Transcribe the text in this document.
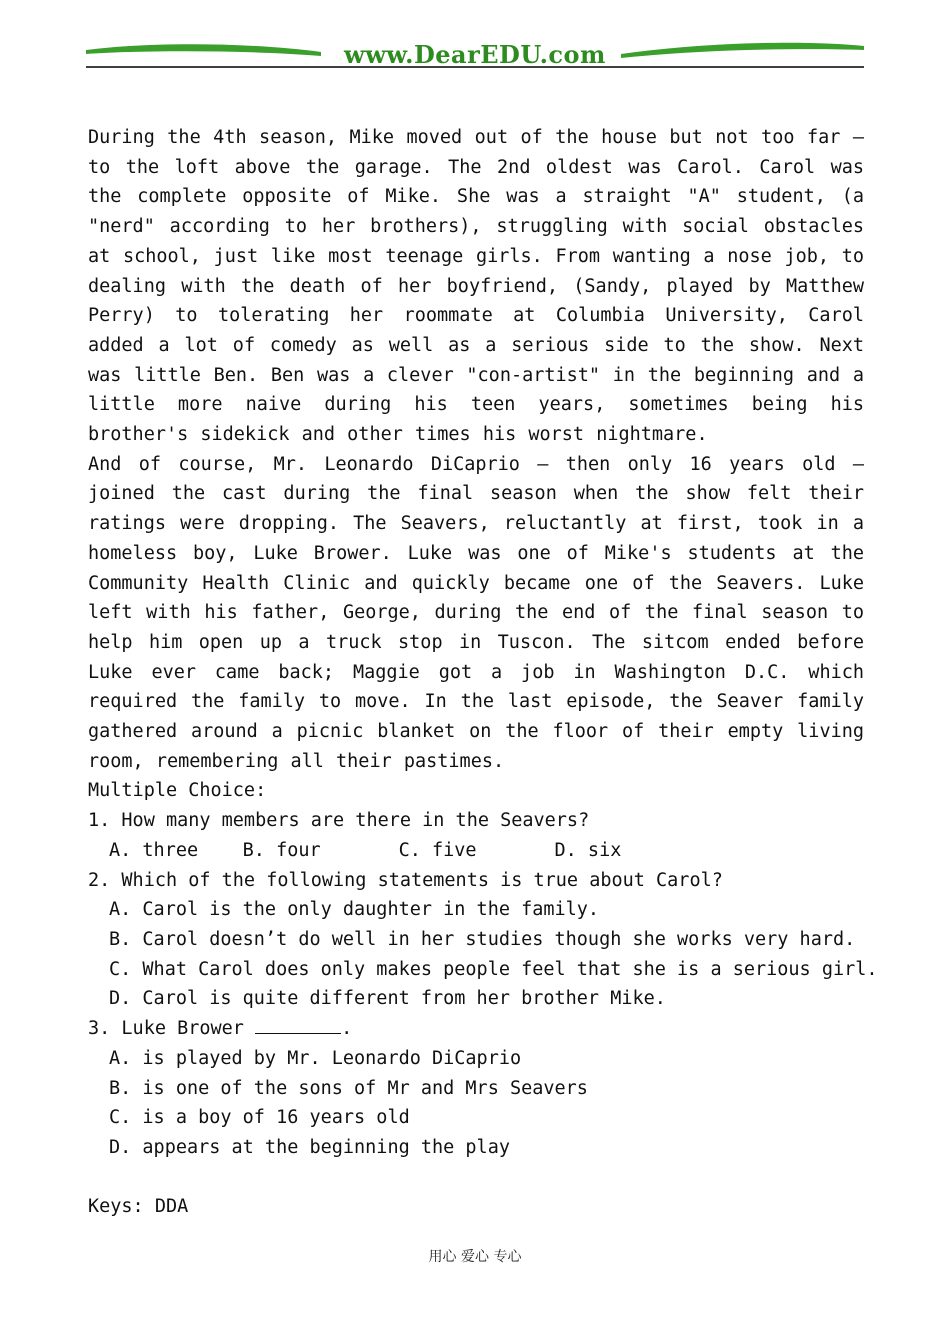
www.DearEDU.com

During the 4th season, Mike moved out of the house but not too far — to the loft above the garage. The 2nd oldest was Carol. Carol was the complete opposite of Mike. She was a straight "A" student, (a "nerd" according to her brothers), struggling with social obstacles at school, just like most teenage girls. From wanting a nose job, to dealing with the death of her boyfriend, (Sandy, played by Matthew Perry) to tolerating her roommate at Columbia University, Carol added a lot of comedy as well as a serious side to the show. Next was little Ben. Ben was a clever "con-artist" in the beginning and a little more naive during his teen years, sometimes being his brother's sidekick and other times his worst nightmare.

And of course, Mr. Leonardo DiCaprio — then only 16 years old — joined the cast during the final season when the show felt their ratings were dropping. The Seavers, reluctantly at first, took in a homeless boy, Luke Brower. Luke was one of Mike's students at the Community Health Clinic and quickly became one of the Seavers. Luke left with his father, George, during the end of the final season to help him open up a truck stop in Tuscon. The sitcom ended before Luke ever came back; Maggie got a job in Washington D.C. which required the family to move. In the last episode, the Seaver family gathered around a picnic blanket on the floor of their empty living room, remembering all their pastimes.

Multiple Choice:

1. How many members are there in the Seavers?

A. three    B. four       C. five       D. six

2. Which of the following statements is true about Carol?

A. Carol is the only daughter in the family.

B. Carol doesn’t do well in her studies though she works very hard.

C. What Carol does only makes people feel that she is a serious girl.

D. Carol is quite different from her brother Mike.

3. Luke Brower	.

A. is played by Mr. Leonardo DiCaprio

B. is one of the sons of Mr and Mrs Seavers

C. is a boy of 16 years old

D. appears at the beginning the play

Keys: DDA

用心 爱心 专心
